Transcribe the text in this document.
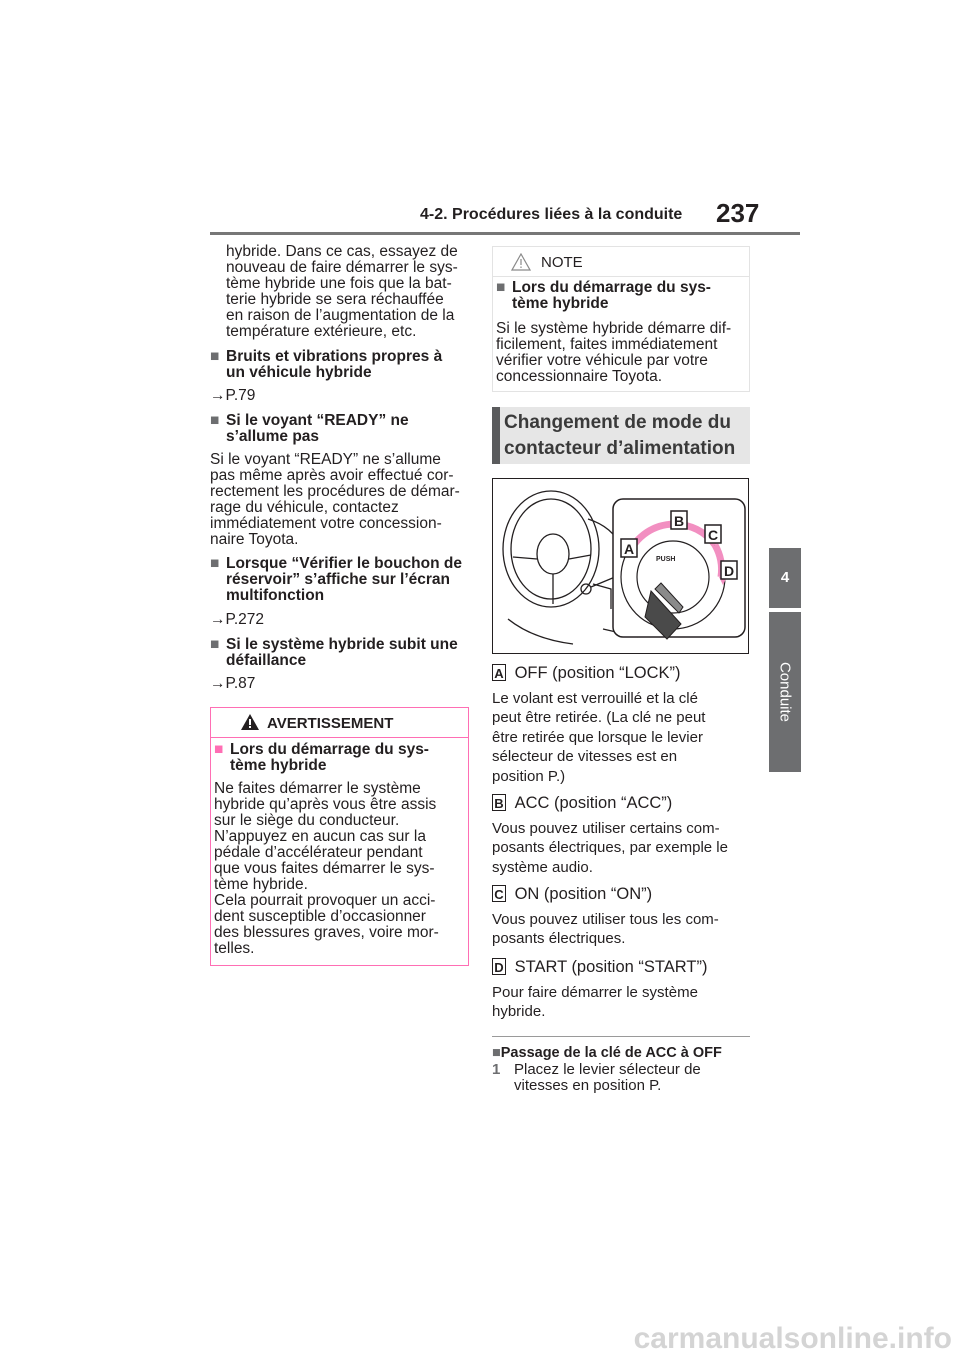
4-2. Procédures liées à la conduite 237
4
Conduite
hybride. Dans ce cas, essayez de
nouveau de faire démarrer le sys-
tème hybride une fois que la bat-
terie hybride se sera réchauffée
en raison de l’augmentation de la
température extérieure, etc.
■ Bruits et vibrations propres à
un véhicule hybride
→P.79
■ Si le voyant “READY” ne
s’allume pas
Si le voyant “READY” ne s’allume
pas même après avoir effectué cor-
rectement les procédures de démar-
rage du véhicule, contactez
immédiatement votre concession-
naire Toyota.
■ Lorsque “Vérifier le bouchon de
réservoir” s’affiche sur l’écran
multifonction
→P.272
■ Si le système hybride subit une
défaillance
→P.87
AVERTISSEMENT
■ Lors du démarrage du sys-
tème hybride
Ne faites démarrer le système
hybride qu’après vous être assis
sur le siège du conducteur.
N’appuyez en aucun cas sur la
pédale d’accélérateur pendant
que vous faites démarrer le sys-
tème hybride.
Cela pourrait provoquer un acci-
dent susceptible d’occasionner
des blessures graves, voire mor-
telles.
NOTE
■ Lors du démarrage du sys-
tème hybride
Si le système hybride démarre dif-
ficilement, faites immédiatement
vérifier votre véhicule par votre
concessionnaire Toyota.
Changement de mode du
contacteur d’alimentation
PUSH
A
B
C
D
A OFF (position “LOCK”)
Le volant est verrouillé et la clé
peut être retirée. (La clé ne peut
être retirée que lorsque le levier
sélecteur de vitesses est en
position P.)
B ACC (position “ACC”)
Vous pouvez utiliser certains com-
posants électriques, par exemple le
système audio.
C ON (position “ON”)
Vous pouvez utiliser tous les com-
posants électriques.
D START (position “START”)
Pour faire démarrer le système
hybride.
■Passage de la clé de ACC à OFF
1 Placez le levier sélecteur de
vitesses en position P.
carmanualsonline.info
